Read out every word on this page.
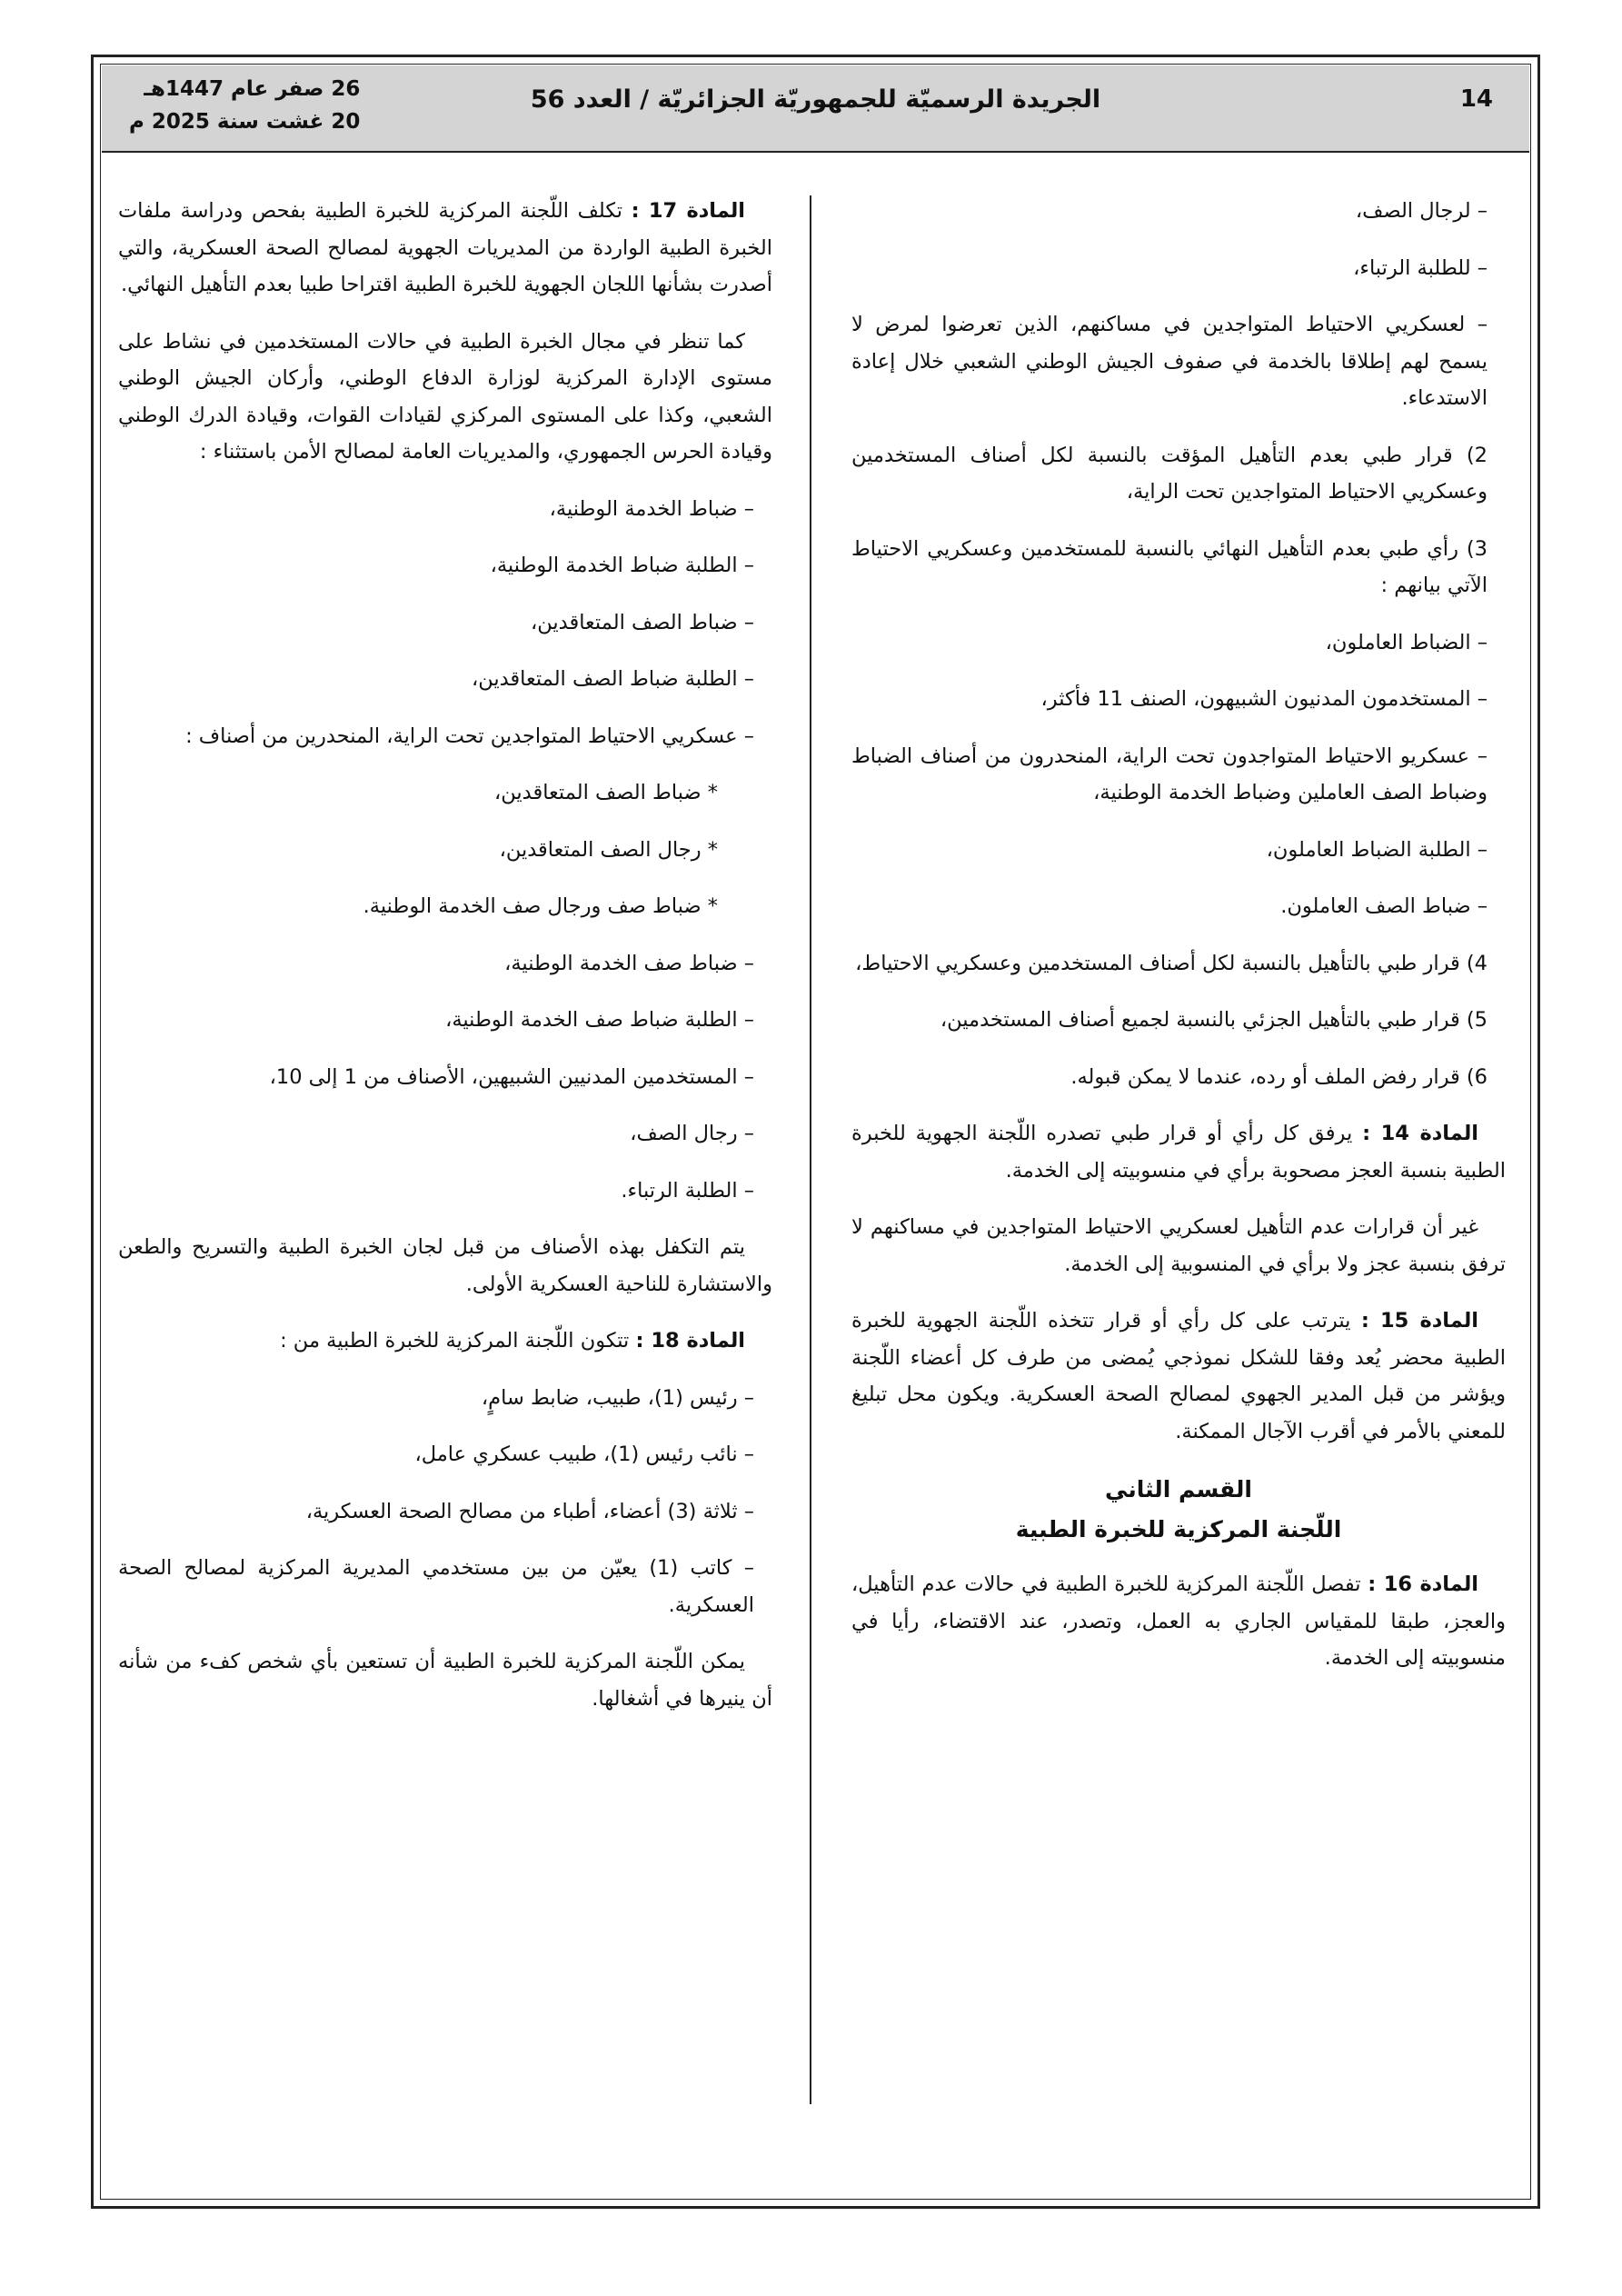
14
الجريدة الرسميّة للجمهوريّة الجزائريّة / العدد 56
26 صفر عام 1447هـ
20 غشت سنة 2025 م

– لرجال الصف،

– للطلبة الرتباء،

– لعسكريي الاحتياط المتواجدين في مساكنهم، الذين تعرضوا لمرض لا يسمح لهم إطلاقا بالخدمة في صفوف الجيش الوطني الشعبي خلال إعادة الاستدعاء.

2) قرار طبي بعدم التأهيل المؤقت بالنسبة لكل أصناف المستخدمين وعسكريي الاحتياط المتواجدين تحت الراية،

3) رأي طبي بعدم التأهيل النهائي بالنسبة للمستخدمين وعسكريي الاحتياط الآتي بيانهم :

– الضباط العاملون،

– المستخدمون المدنيون الشبيهون، الصنف 11 فأكثر،

– عسكريو الاحتياط المتواجدون تحت الراية، المنحدرون من أصناف الضباط وضباط الصف العاملين وضباط الخدمة الوطنية،

– الطلبة الضباط العاملون،

– ضباط الصف العاملون.

4) قرار طبي بالتأهيل بالنسبة لكل أصناف المستخدمين وعسكريي الاحتياط،

5) قرار طبي بالتأهيل الجزئي بالنسبة لجميع أصناف المستخدمين،

6) قرار رفض الملف أو رده، عندما لا يمكن قبوله.

المادة 14 : يرفق كل رأي أو قرار طبي تصدره اللّجنة الجهوية للخبرة الطبية بنسبة العجز مصحوبة برأي في منسوبيته إلى الخدمة.

غير أن قرارات عدم التأهيل لعسكريي الاحتياط المتواجدين في مساكنهم لا ترفق بنسبة عجز ولا برأي في المنسوبية إلى الخدمة.

المادة 15 : يترتب على كل رأي أو قرار تتخذه اللّجنة الجهوية للخبرة الطبية محضر يُعد وفقا للشكل نموذجي يُمضى من طرف كل أعضاء اللّجنة ويؤشر من قبل المدير الجهوي لمصالح الصحة العسكرية. ويكون محل تبليغ للمعني بالأمر في أقرب الآجال الممكنة.

القسم الثاني
اللّجنة المركزية للخبرة الطبية

المادة 16 : تفصل اللّجنة المركزية للخبرة الطبية في حالات عدم التأهيل، والعجز، طبقا للمقياس الجاري به العمل، وتصدر، عند الاقتضاء، رأيا في منسوبيته إلى الخدمة.

المادة 17 : تكلف اللّجنة المركزية للخبرة الطبية بفحص ودراسة ملفات الخبرة الطبية الواردة من المديريات الجهوية لمصالح الصحة العسكرية، والتي أصدرت بشأنها اللجان الجهوية للخبرة الطبية اقتراحا طبيا بعدم التأهيل النهائي.

كما تنظر في مجال الخبرة الطبية في حالات المستخدمين في نشاط على مستوى الإدارة المركزية لوزارة الدفاع الوطني، وأركان الجيش الوطني الشعبي، وكذا على المستوى المركزي لقيادات القوات، وقيادة الدرك الوطني وقيادة الحرس الجمهوري، والمديريات العامة لمصالح الأمن باستثناء :

– ضباط الخدمة الوطنية،

– الطلبة ضباط الخدمة الوطنية،

– ضباط الصف المتعاقدين،

– الطلبة ضباط الصف المتعاقدين،

– عسكريي الاحتياط المتواجدين تحت الراية، المنحدرين من أصناف :

* ضباط الصف المتعاقدين،

* رجال الصف المتعاقدين،

* ضباط صف ورجال صف الخدمة الوطنية.

– ضباط صف الخدمة الوطنية،

– الطلبة ضباط صف الخدمة الوطنية،

– المستخدمين المدنيين الشبيهين، الأصناف من 1 إلى 10،

– رجال الصف،

– الطلبة الرتباء.

يتم التكفل بهذه الأصناف من قبل لجان الخبرة الطبية والتسريح والطعن والاستشارة للناحية العسكرية الأولى.

المادة 18 : تتكون اللّجنة المركزية للخبرة الطبية من :

– رئيس (1)، طبيب، ضابط سامٍ،

– نائب رئيس (1)، طبيب عسكري عامل،

– ثلاثة (3) أعضاء، أطباء من مصالح الصحة العسكرية،

– كاتب (1) يعيّن من بين مستخدمي المديرية المركزية لمصالح الصحة العسكرية.

يمكن اللّجنة المركزية للخبرة الطبية أن تستعين بأي شخص كفء من شأنه أن ينيرها في أشغالها.
